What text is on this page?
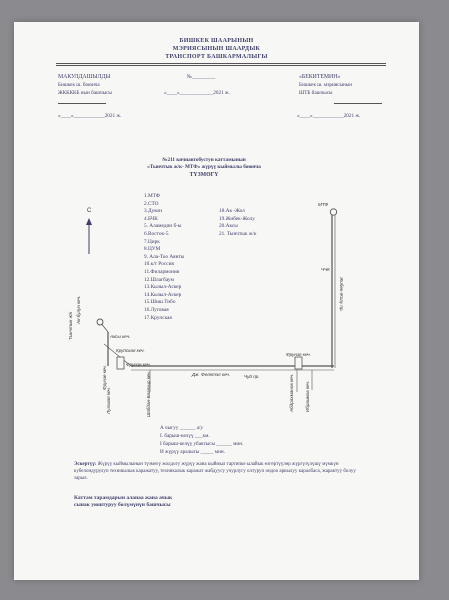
БИШКЕК ШААРЫНЫН
МЭРИЯСЫНЫН ШААРДЫК
ТРАНСПОРТ БАШКАРМАЛЫГЫ
МАКУЛДАШЫЛДЫ
Бишкек ш. боюнча
ЖККККБ нын башчысы
«____»____________2021 ж.
№_________
«____»_____________2021 ж.
«БЕКИТЕМИН»
Бишкек ш. мэриясынын
ШТБ башчысы
«____»____________2021 ж.
№211 кичиавтобустун каттамынын
«Тынчтык ж/к- МТФ» жүрүү кыймылы боюнча
ТҮЗМӨГҮ
1.МТФ
2.СТО
3.Дукон
4.БЧК
5. Аламедин б-ы
6.Восток-5
7.Цирк
8.ЦУМ
9. Ала-Тоо Аянты
10.к/т Россия
11.Филармония
12.Шлагбаум
13.Кызыл-Аскер
14.Кызыл-Аскер
15.Шиш.Тибо
16.Луговая
17.Крупская
18.Ак -Жол
19.Жибек-Жолу
20.Аксы
21. Тынчтык ж/к
С
МТФ
ЧЧК
Жибек-Жолу пр.
Тынчтык ж/к
Ак-булун кеч.
Аксы кеч.
Крупская кеч.
Фрунзе кеч.
Фрунзе кеч.
Фрунзе кеч.
Луговая кеч.	Шабдан-Баатыр кеч.	Дж. Фелетэл кеч.	Чуй пр.	Абдрахманов кеч. Ибраимов кеч.
А чыгуу ______ а/у
I. барыш-келүү ___км.
I барыш-келүү убактысы ______ мин.
И жүрүү аралыгы _____ мин.
Эскертүү: Жүрүү кыймылынын түзмөгү жолдогу жүрүү жана кыймыл тартипке ылайык өзгөртүүлөр жүргүзүлүшү мүмкүн
кубелондурулуп техникалык каражатуу, техникалык каражат жабдуусу учурлугу олтуруп ондоо аркылуу каралбаса, жарактуу болуу
зарыл.
Каттам тарамдарын аланаа жана ачык
сынак уюштуруу бөлүмүнүн башчысы
